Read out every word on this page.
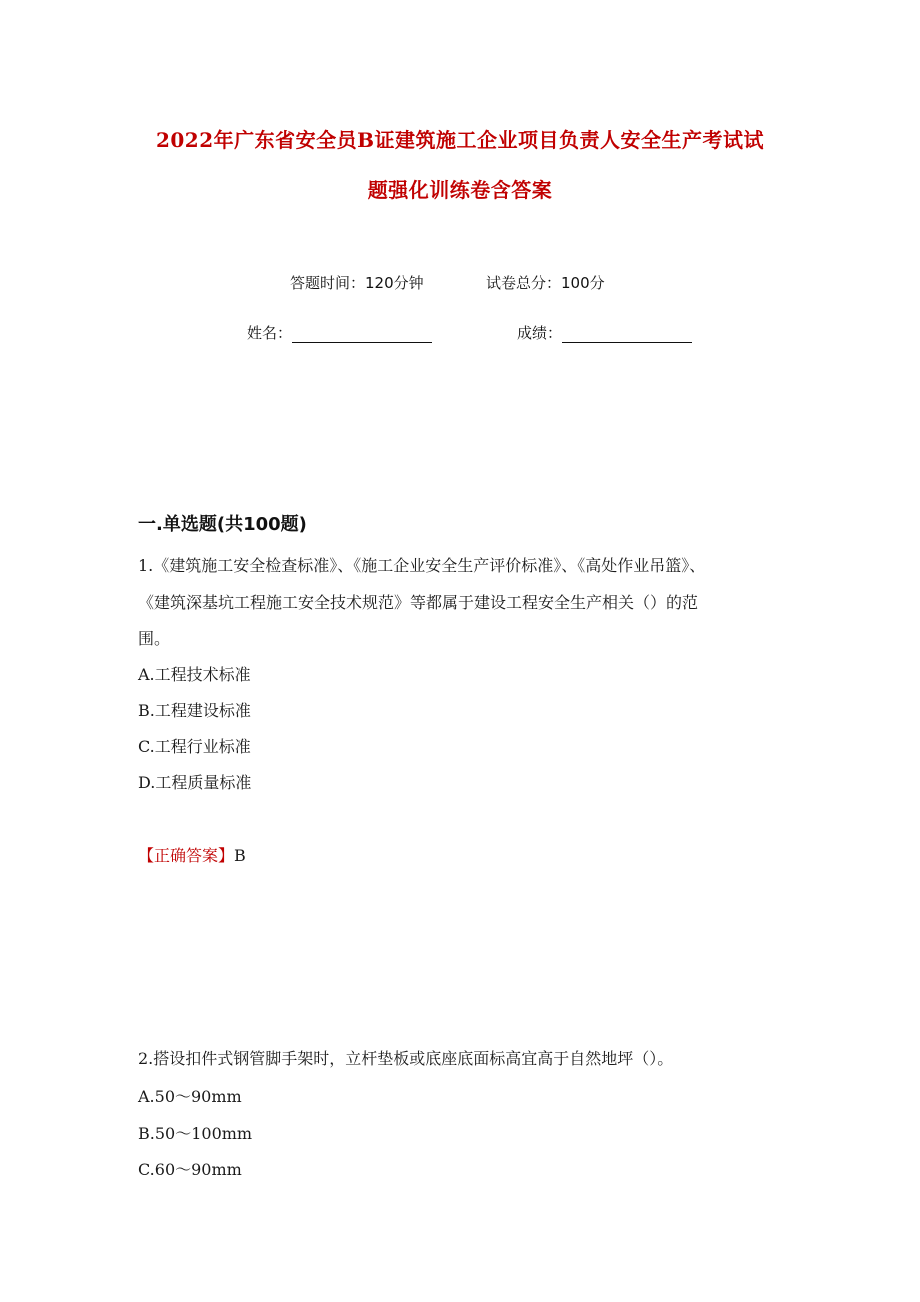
2022年广东省安全员B证建筑施工企业项目负责人安全生产考试试
题强化训练卷含答案
答题时间：120分钟	试卷总分：100分
姓名：	成绩：
一.单选题(共100题)
1.《建筑施工安全检查标准》、《施工企业安全生产评价标准》、《高处作业吊篮》、
《建筑深基坑工程施工安全技术规范》等都属于建设工程安全生产相关（）的范
围。
A.工程技术标准
B.工程建设标准
C.工程行业标准
D.工程质量标准
【正确答案】B
2.搭设扣件式钢管脚手架时，立杆垫板或底座底面标高宜高于自然地坪（）。
A.50～90mm
B.50～100mm
C.60～90mm
